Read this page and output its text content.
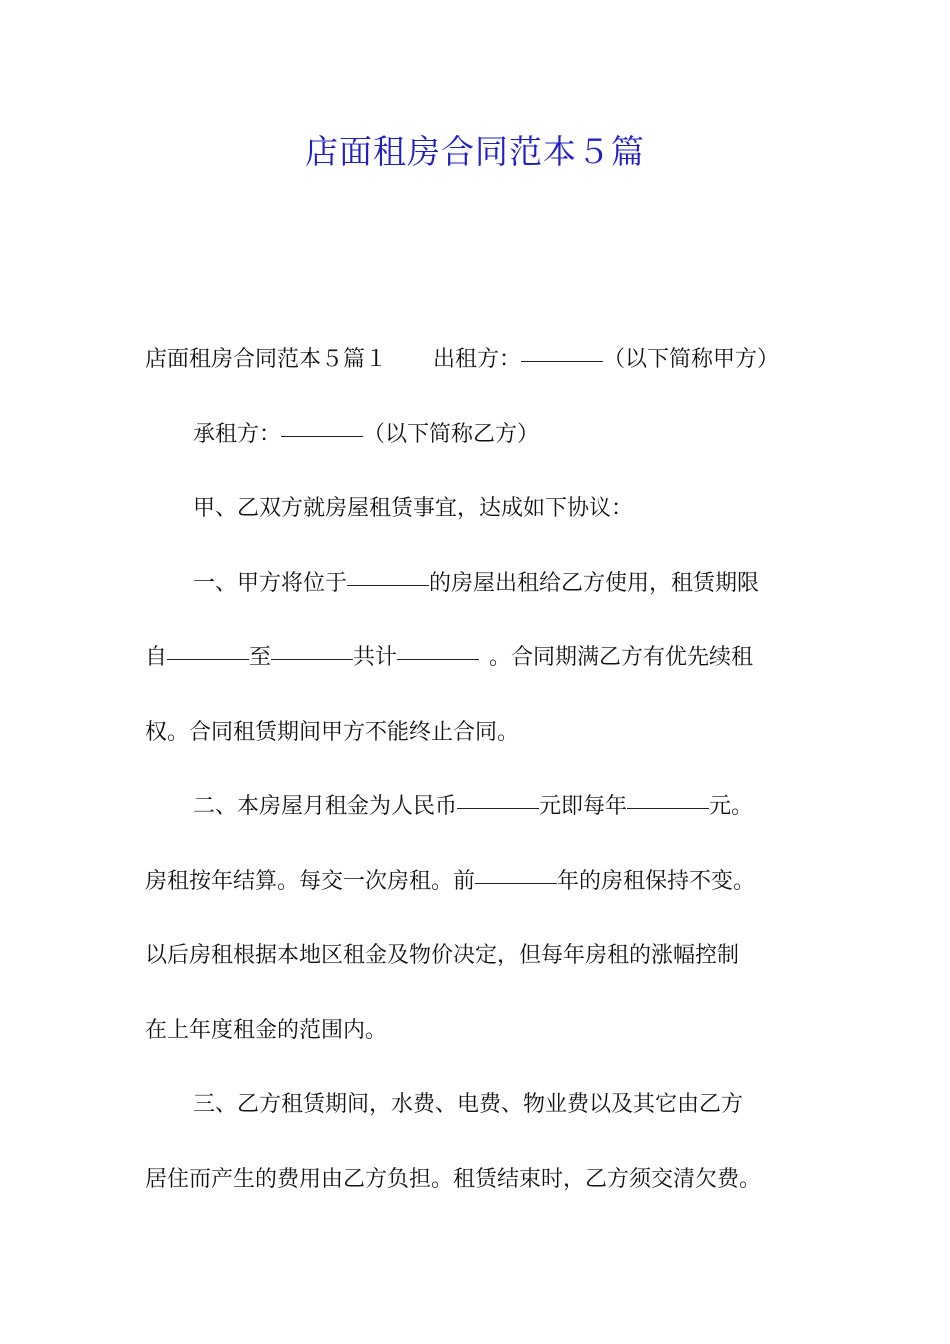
店面租房合同范本５篇
店面租房合同范本５篇１ 出租方：	（以下简称甲方）
承租方：	（以下简称乙方）
甲、乙双方就房屋租赁事宜，达成如下协议：
一、甲方将位于	的房屋出租给乙方使用，租赁期限
自	至	共计	。合同期满乙方有优先续租
权。合同租赁期间甲方不能终止合同。
二、本房屋月租金为人民币	元即每年	元。
房租按年结算。每交一次房租。前	年的房租保持不变。
以后房租根据本地区租金及物价决定，但每年房租的涨幅控制
在上年度租金的范围内。
三、乙方租赁期间，水费、电费、物业费以及其它由乙方
居住而产生的费用由乙方负担。租赁结束时，乙方须交清欠费。
